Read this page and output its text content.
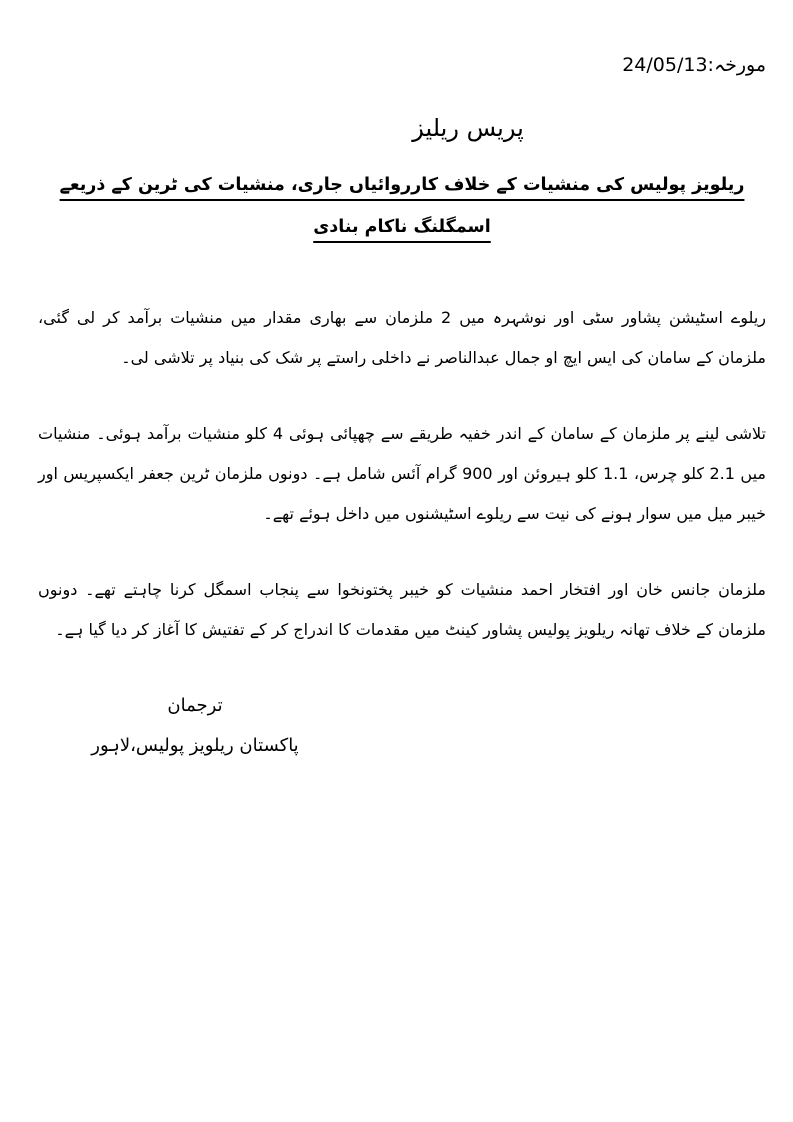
مورخہ:24/05/13
پریس ریلیز
ریلویز پولیس کی منشیات کے خلاف کارروائیاں جاری، منشیات کی ٹرین کے ذریعے اسمگلنگ ناکام بنادی

ریلوے اسٹیشن پشاور سٹی اور نوشہرہ میں 2 ملزمان سے بھاری مقدار میں منشیات برآمد کر لی گئی، ملزمان کے سامان کی ایس ایچ او جمال عبدالناصر نے داخلی راستے پر شک کی بنیاد پر تلاشی لی۔

تلاشی لینے پر ملزمان کے سامان کے اندر خفیہ طریقے سے چھپائی ہوئی 4 کلو منشیات برآمد ہوئی۔ منشیات میں 2.1 کلو چرس، 1.1 کلو ہیروئن اور 900 گرام آئس شامل ہے۔ دونوں ملزمان ٹرین جعفر ایکسپریس اور خیبر میل میں سوار ہونے کی نیت سے ریلوے اسٹیشنوں میں داخل ہوئے تھے۔

ملزمان جانس خان اور افتخار احمد منشیات کو خیبر پختونخوا سے پنجاب اسمگل کرنا چاہتے تھے۔ دونوں ملزمان کے خلاف تھانہ ریلویز پولیس پشاور کینٹ میں مقدمات کا اندراج کر کے تفتیش کا آغاز کر دیا گیا ہے۔

ترجمان
پاکستان ریلویز پولیس،لاہور
